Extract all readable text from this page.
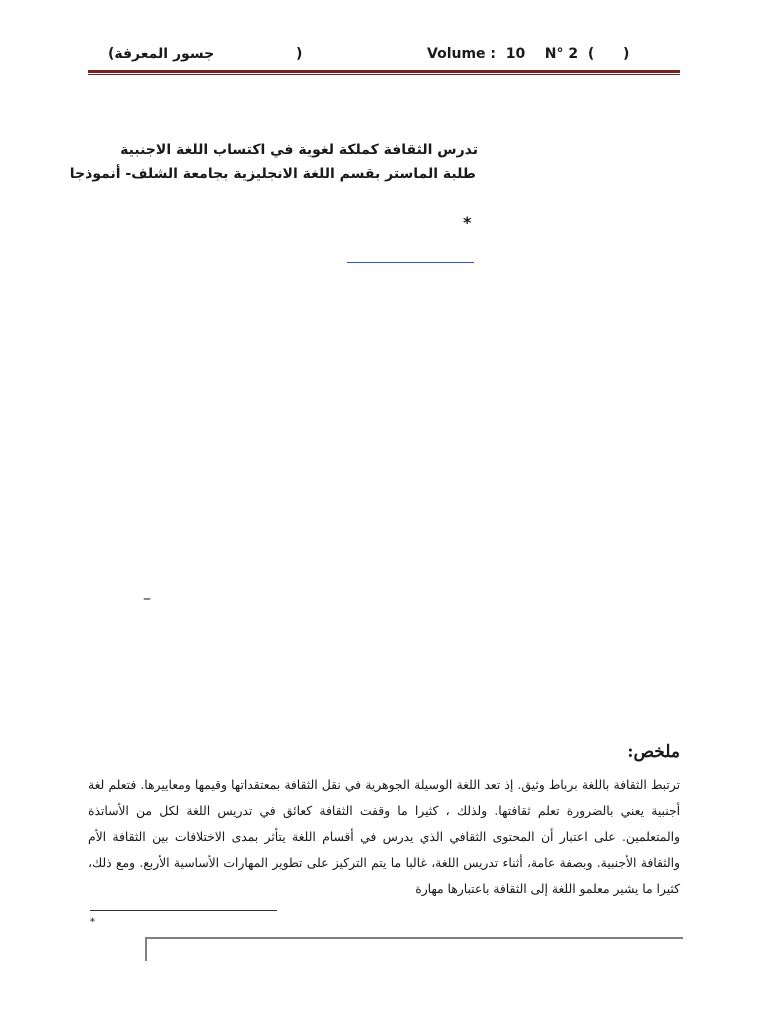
جسور المعرفة)	)	Volume :  10    N° 2  ( )
تدرس الثقافة كملكة لغوية في اكتساب اللغة الاجنبية
طلبة الماستر بقسم اللغة الانجليزية بجامعة الشلف- أنموذجا
*
–
ملخص:
ترتبط الثقافة باللغة برباط وثيق. إذ تعد اللغة الوسيلة الجوهرية في نقل الثقافة بمعتقداتها وقيمها ومعاييرها. فتعلم لغة أجنبية يعني بالضرورة تعلم ثقافتها. ولذلك ، كثيرا ما وقفت الثقافة كعائق في تدريس اللغة لكل من الأساتذة والمتعلمين. على اعتبار أن المحتوى الثقافي الذي يدرس في أقسام اللغة يتأثر بمدى الاختلافات بين الثقافة الأم والثقافة الأجنبية. وبصفة عامة، أثناء تدريس اللغة، غالبا ما يتم التركيز على تطوير المهارات الأساسية الأربع. ومع ذلك، كثيرا ما يشير معلمو اللغة إلى الثقافة باعتبارها مهارة
*
